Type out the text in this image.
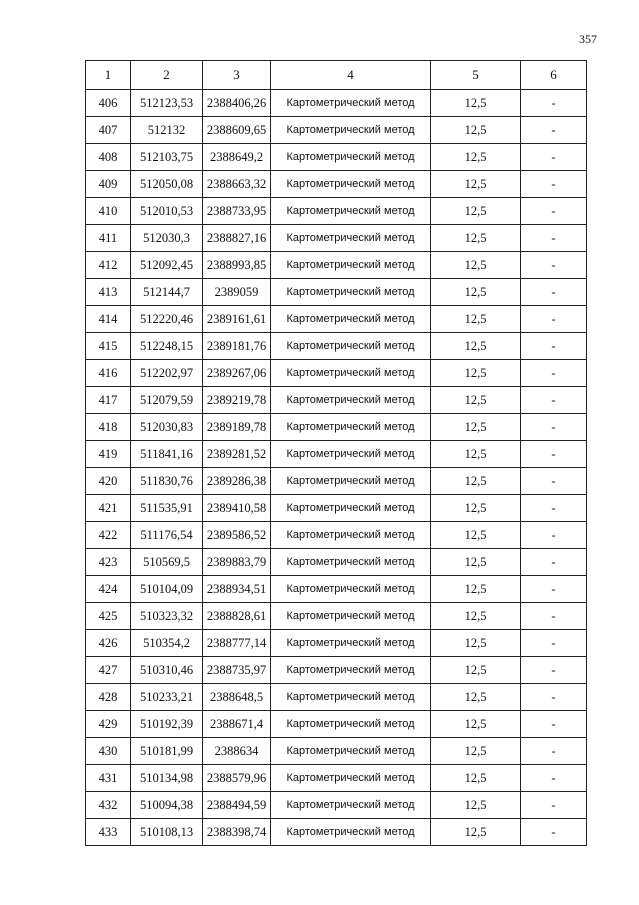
357
1	2	3	4	5	6
406	512123,53	2388406,26	Картометрический метод	12,5	-
407	512132	2388609,65	Картометрический метод	12,5	-
408	512103,75	2388649,2	Картометрический метод	12,5	-
409	512050,08	2388663,32	Картометрический метод	12,5	-
410	512010,53	2388733,95	Картометрический метод	12,5	-
411	512030,3	2388827,16	Картометрический метод	12,5	-
412	512092,45	2388993,85	Картометрический метод	12,5	-
413	512144,7	2389059	Картометрический метод	12,5	-
414	512220,46	2389161,61	Картометрический метод	12,5	-
415	512248,15	2389181,76	Картометрический метод	12,5	-
416	512202,97	2389267,06	Картометрический метод	12,5	-
417	512079,59	2389219,78	Картометрический метод	12,5	-
418	512030,83	2389189,78	Картометрический метод	12,5	-
419	511841,16	2389281,52	Картометрический метод	12,5	-
420	511830,76	2389286,38	Картометрический метод	12,5	-
421	511535,91	2389410,58	Картометрический метод	12,5	-
422	511176,54	2389586,52	Картометрический метод	12,5	-
423	510569,5	2389883,79	Картометрический метод	12,5	-
424	510104,09	2388934,51	Картометрический метод	12,5	-
425	510323,32	2388828,61	Картометрический метод	12,5	-
426	510354,2	2388777,14	Картометрический метод	12,5	-
427	510310,46	2388735,97	Картометрический метод	12,5	-
428	510233,21	2388648,5	Картометрический метод	12,5	-
429	510192,39	2388671,4	Картометрический метод	12,5	-
430	510181,99	2388634	Картометрический метод	12,5	-
431	510134,98	2388579,96	Картометрический метод	12,5	-
432	510094,38	2388494,59	Картометрический метод	12,5	-
433	510108,13	2388398,74	Картометрический метод	12,5	-
